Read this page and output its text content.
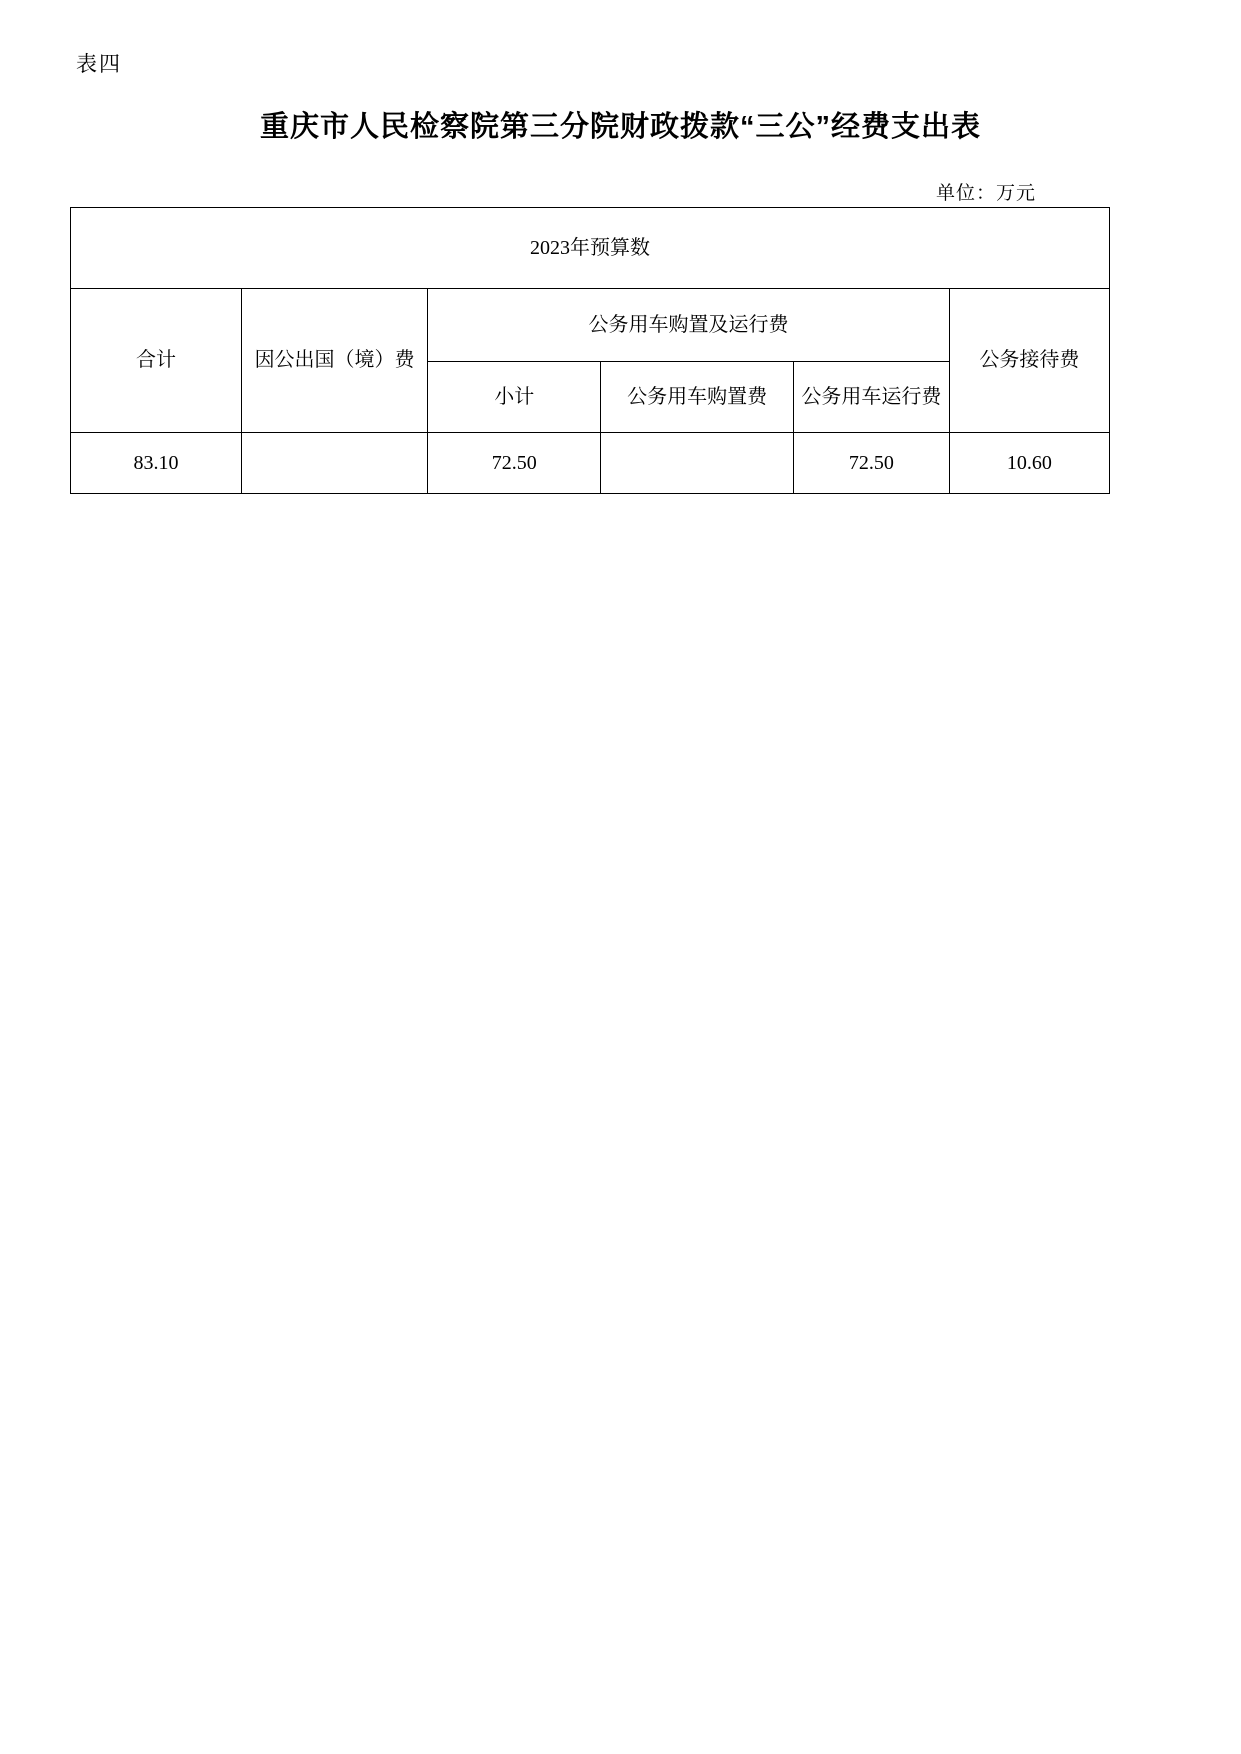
表四
重庆市人民检察院第三分院财政拨款“三公”经费支出表
单位：万元
2023年预算数					
合计	因公出国（境）费	公务用车购置及运行费			公务接待费
		小计	公务用车购置费	公务用车运行费	
83.10		72.50		72.50	10.60
